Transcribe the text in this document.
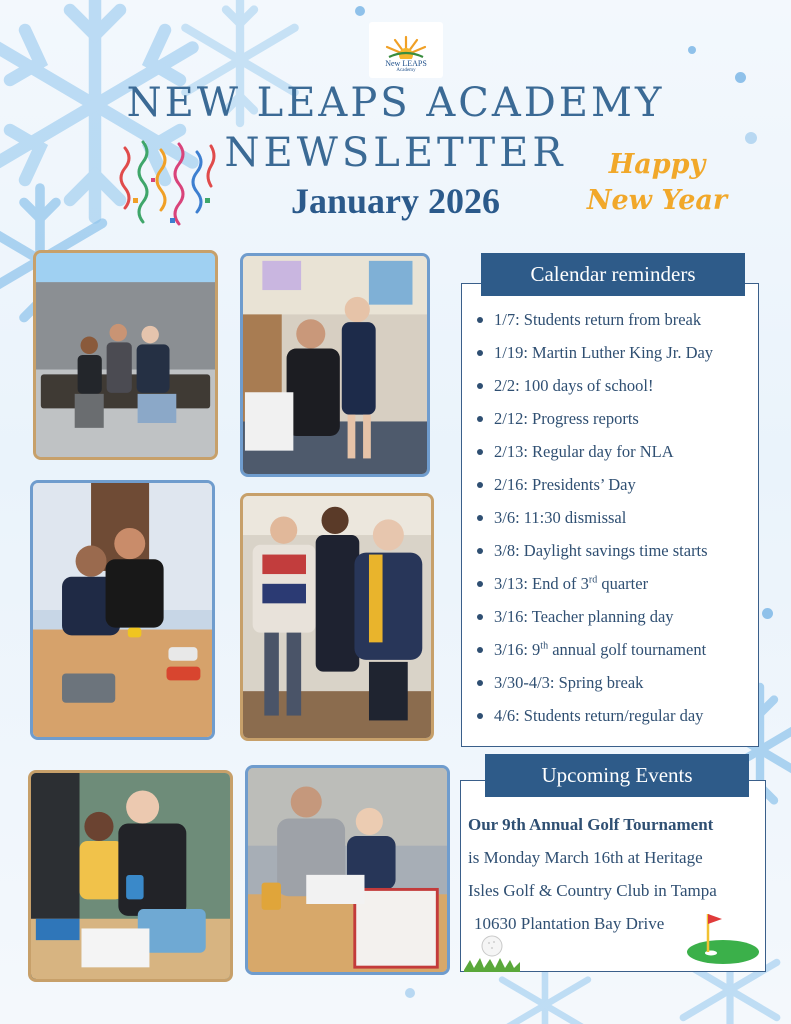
New LEAPS
Academy
NEW LEAPS ACADEMY
NEWSLETTER
January 2026
Happy
New Year
Calendar reminders
1/7: Students return from break
1/19: Martin Luther King Jr. Day
2/2: 100 days of school!
2/12: Progress reports
2/13: Regular day for NLA
2/16: Presidents’ Day
3/6: 11:30 dismissal
3/8: Daylight savings time starts
3/13: End of 3rd quarter
3/16: Teacher planning day
3/16: 9th annual golf tournament
3/30-4/3: Spring break
4/6: Students return/regular day
Upcoming Events
Our 9th Annual Golf Tournament
is Monday March 16th at Heritage
Isles Golf & Country Club in Tampa
10630 Plantation Bay Drive
